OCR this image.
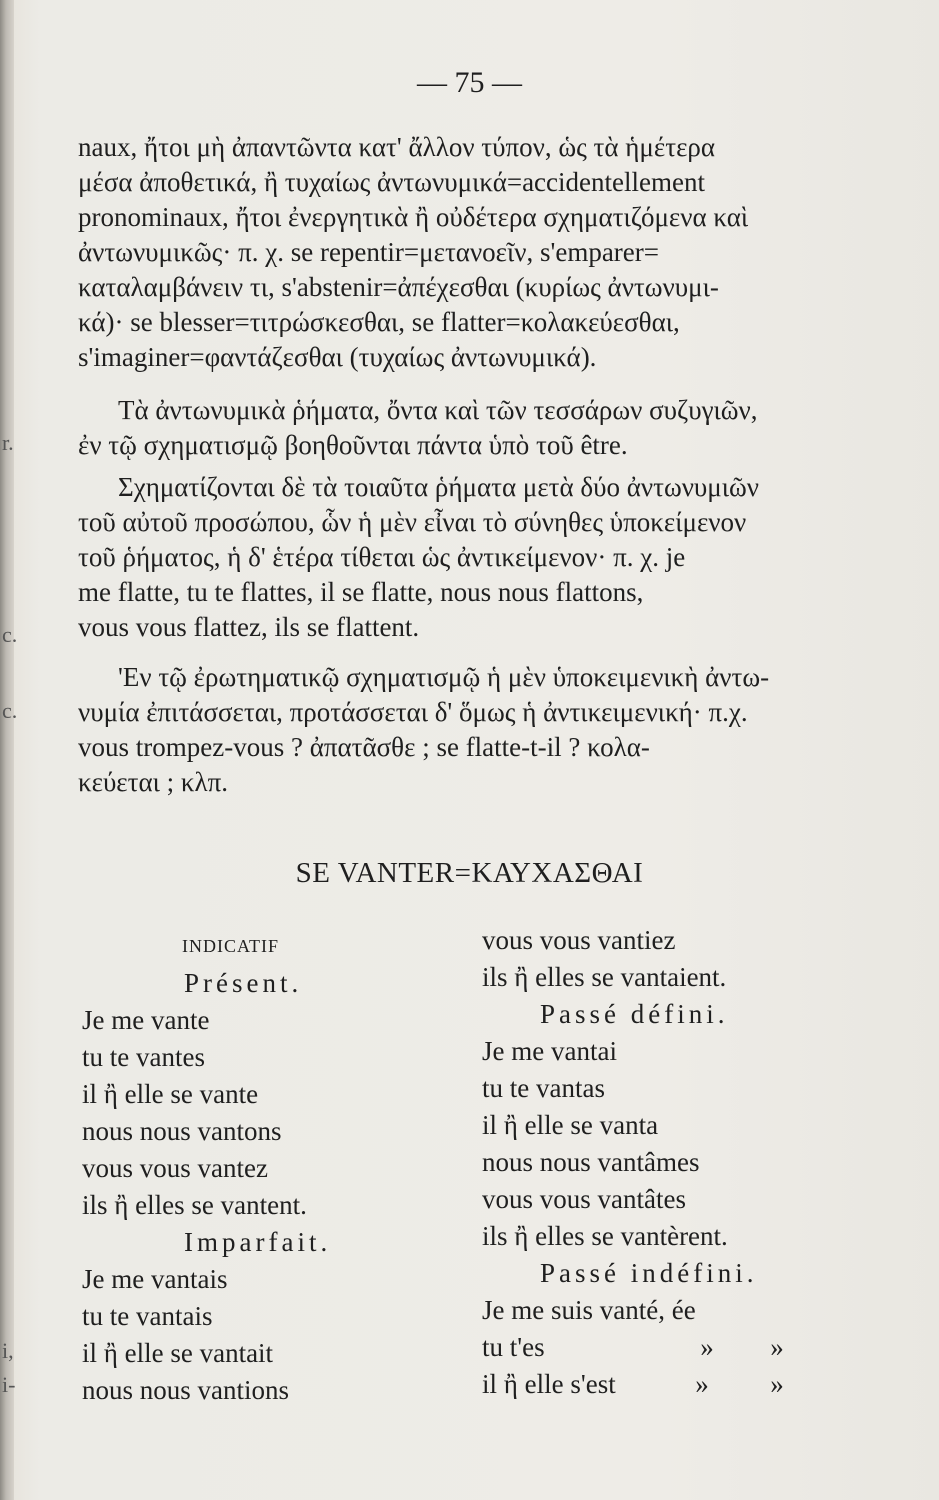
r.
c.
c.
i,
i-
— 75 —
naux, ἤτοι μὴ ἀπαντῶντα κατ' ἄλλον τύπον, ὡς τὰ ἡμέτερα
μέσα ἀποθετικά, ἢ τυχαίως ἀντωνυμικά=accidentellement
pronominaux, ἤτοι ἐνεργητικὰ ἢ οὐδέτερα σχηματιζόμενα καὶ
ἀντωνυμικῶς· π. χ. se repentir=μετανοεῖν, s'emparer=
καταλαμβάνειν τι, s'abstenir=ἀπέχεσθαι (κυρίως ἀντωνυμι-
κά)· se blesser=τιτρώσκεσθαι, se flatter=κολακεύεσθαι,
s'imaginer=φαντάζεσθαι (τυχαίως ἀντωνυμικά).
Τὰ ἀντωνυμικὰ ῥήματα, ὄντα καὶ τῶν τεσσάρων συζυγιῶν,
ἐν τῷ σχηματισμῷ βοηθοῦνται πάντα ὑπὸ τοῦ être.
Σχηματίζονται δὲ τὰ τοιαῦτα ῥήματα μετὰ δύο ἀντωνυμιῶν
τοῦ αὐτοῦ προσώπου, ὧν ἡ μὲν εἶναι τὸ σύνηθες ὑποκείμενον
τοῦ ῥήματος, ἡ δ' ἑτέρα τίθεται ὡς ἀντικείμενον· π. χ. je
me flatte, tu te flattes, il se flatte, nous nous flattons,
vous vous flattez, ils se flattent.
'Εν τῷ ἐρωτηματικῷ σχηματισμῷ ἡ μὲν ὑποκειμενικὴ ἀντω-
νυμία ἐπιτάσσεται, προτάσσεται δ' ὅμως ἡ ἀντικειμενική· π.χ.
vous trompez-vous ? ἀπατᾶσθε ; se flatte-t-il ? κολα-
κεύεται ; κλπ.
SE VANTER=ΚΑΥΧΑΣΘΑΙ
INDICATIF
Présent.
Je me vante
tu te vantes
il ἢ elle se vante
nous nous vantons
vous vous vantez
ils ἢ elles se vantent.
Imparfait.
Je me vantais
tu te vantais
il ἢ elle se vantait
nous nous vantions
vous vous vantiez
ils ἢ elles se vantaient.
Passé défini.
Je me vantai
tu te vantas
il ἢ elle se vanta
nous nous vantâmes
vous vous vantâtes
ils ἢ elles se vantèrent.
Passé indéfini.
Je me suis vanté, ée
tu t'es	» »
il ἢ elle s'est	» »
